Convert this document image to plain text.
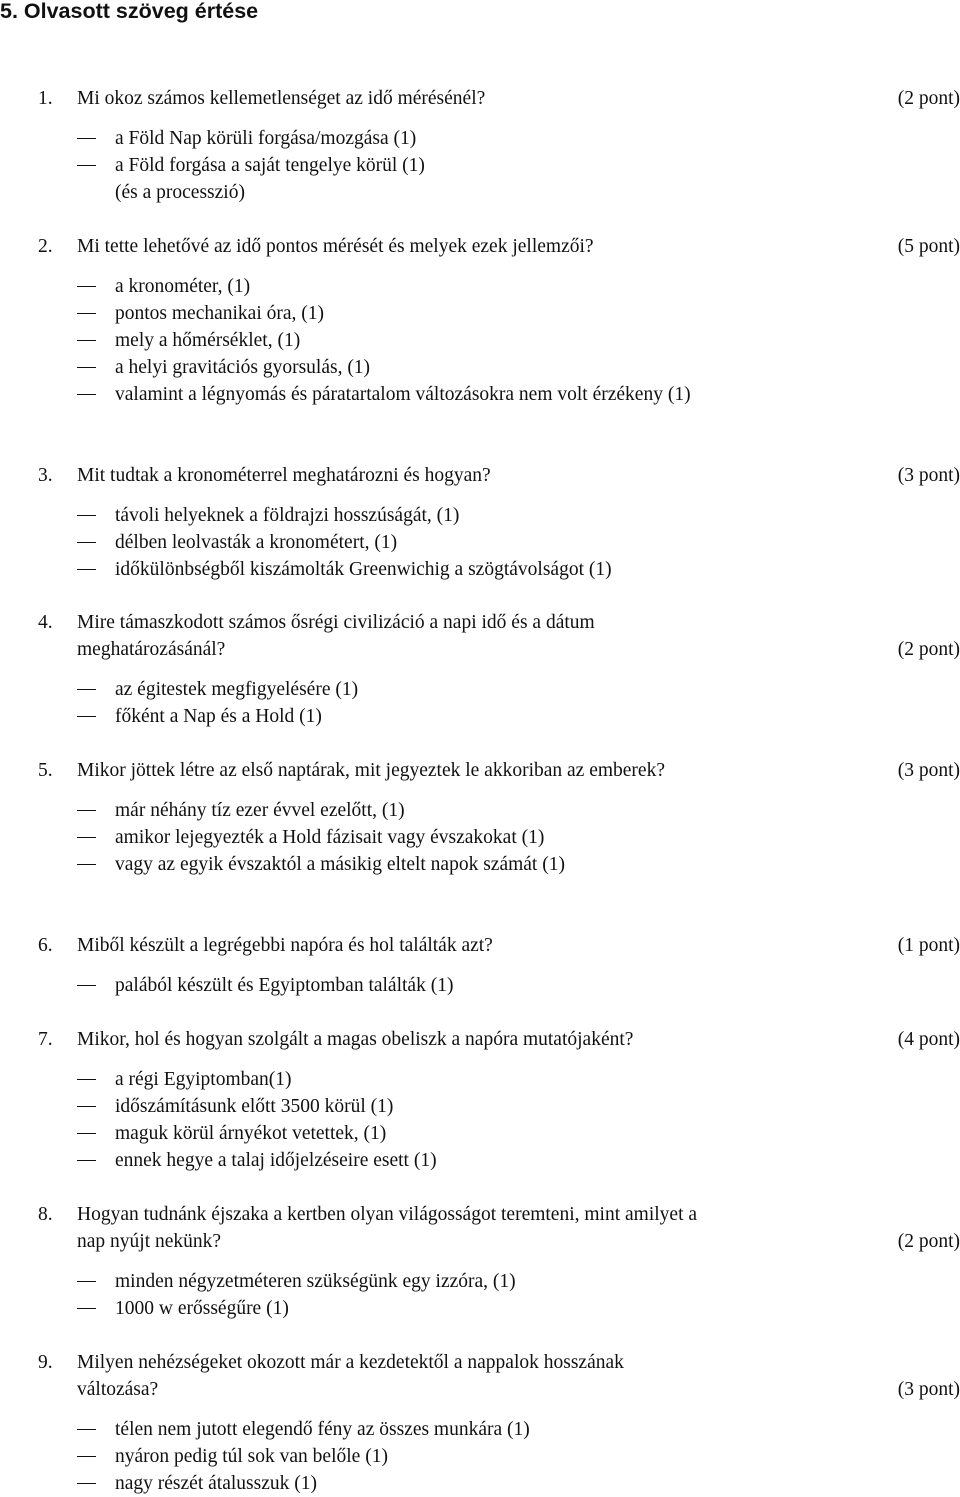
5. Olvasott szöveg értése
1. Mi okoz számos kellemetlenséget az idő mérésénél?	(2 pont)
a Föld Nap körüli forgása/mozgása (1)
a Föld forgása a saját tengelye körül (1)
(és a processzió)
2. Mi tette lehetővé az idő pontos mérését és melyek ezek jellemzői?	(5 pont)
a kronométer, (1)
pontos mechanikai óra, (1)
mely a hőmérséklet, (1)
a helyi gravitációs gyorsulás, (1)
valamint a légnyomás és páratartalom változásokra nem volt érzékeny (1)
3. Mit tudtak a kronométerrel meghatározni és hogyan?	(3 pont)
távoli helyeknek a földrajzi hosszúságát, (1)
délben leolvasták a kronométert, (1)
időkülönbségből kiszámolták Greenwichig a szögtávolságot (1)
4. Mire támaszkodott számos ősrégi civilizáció a napi idő és a dátum meghatározásánál?	(2 pont)
az égitestek megfigyelésére (1)
főként a Nap és a Hold (1)
5. Mikor jöttek létre az első naptárak, mit jegyeztek le akkoriban az emberek?	(3 pont)
már néhány tíz ezer évvel ezelőtt, (1)
amikor lejegyezték a Hold fázisait vagy évszakokat (1)
vagy az egyik évszaktól a másikig eltelt napok számát (1)
6. Miből készült a legrégebbi napóra és hol találták azt?	(1 pont)
palából készült és Egyiptomban találták (1)
7. Mikor, hol és hogyan szolgált a magas obeliszk a napóra mutatójaként?	(4 pont)
a régi Egyiptomban(1)
időszámításunk előtt 3500 körül (1)
maguk körül árnyékot vetettek, (1)
ennek hegye a talaj időjelzéseire esett (1)
8. Hogyan tudnánk éjszaka a kertben olyan világosságot teremteni, mint amilyet a nap nyújt nekünk?	(2 pont)
minden négyzetméteren szükségünk egy izzóra, (1)
1000 w erősségűre (1)
9. Milyen nehézségeket okozott már a kezdetektől a nappalok hosszának változása?	(3 pont)
télen nem jutott elegendő fény az összes munkára (1)
nyáron pedig túl sok van belőle (1)
nagy részét átalusszuk (1)
